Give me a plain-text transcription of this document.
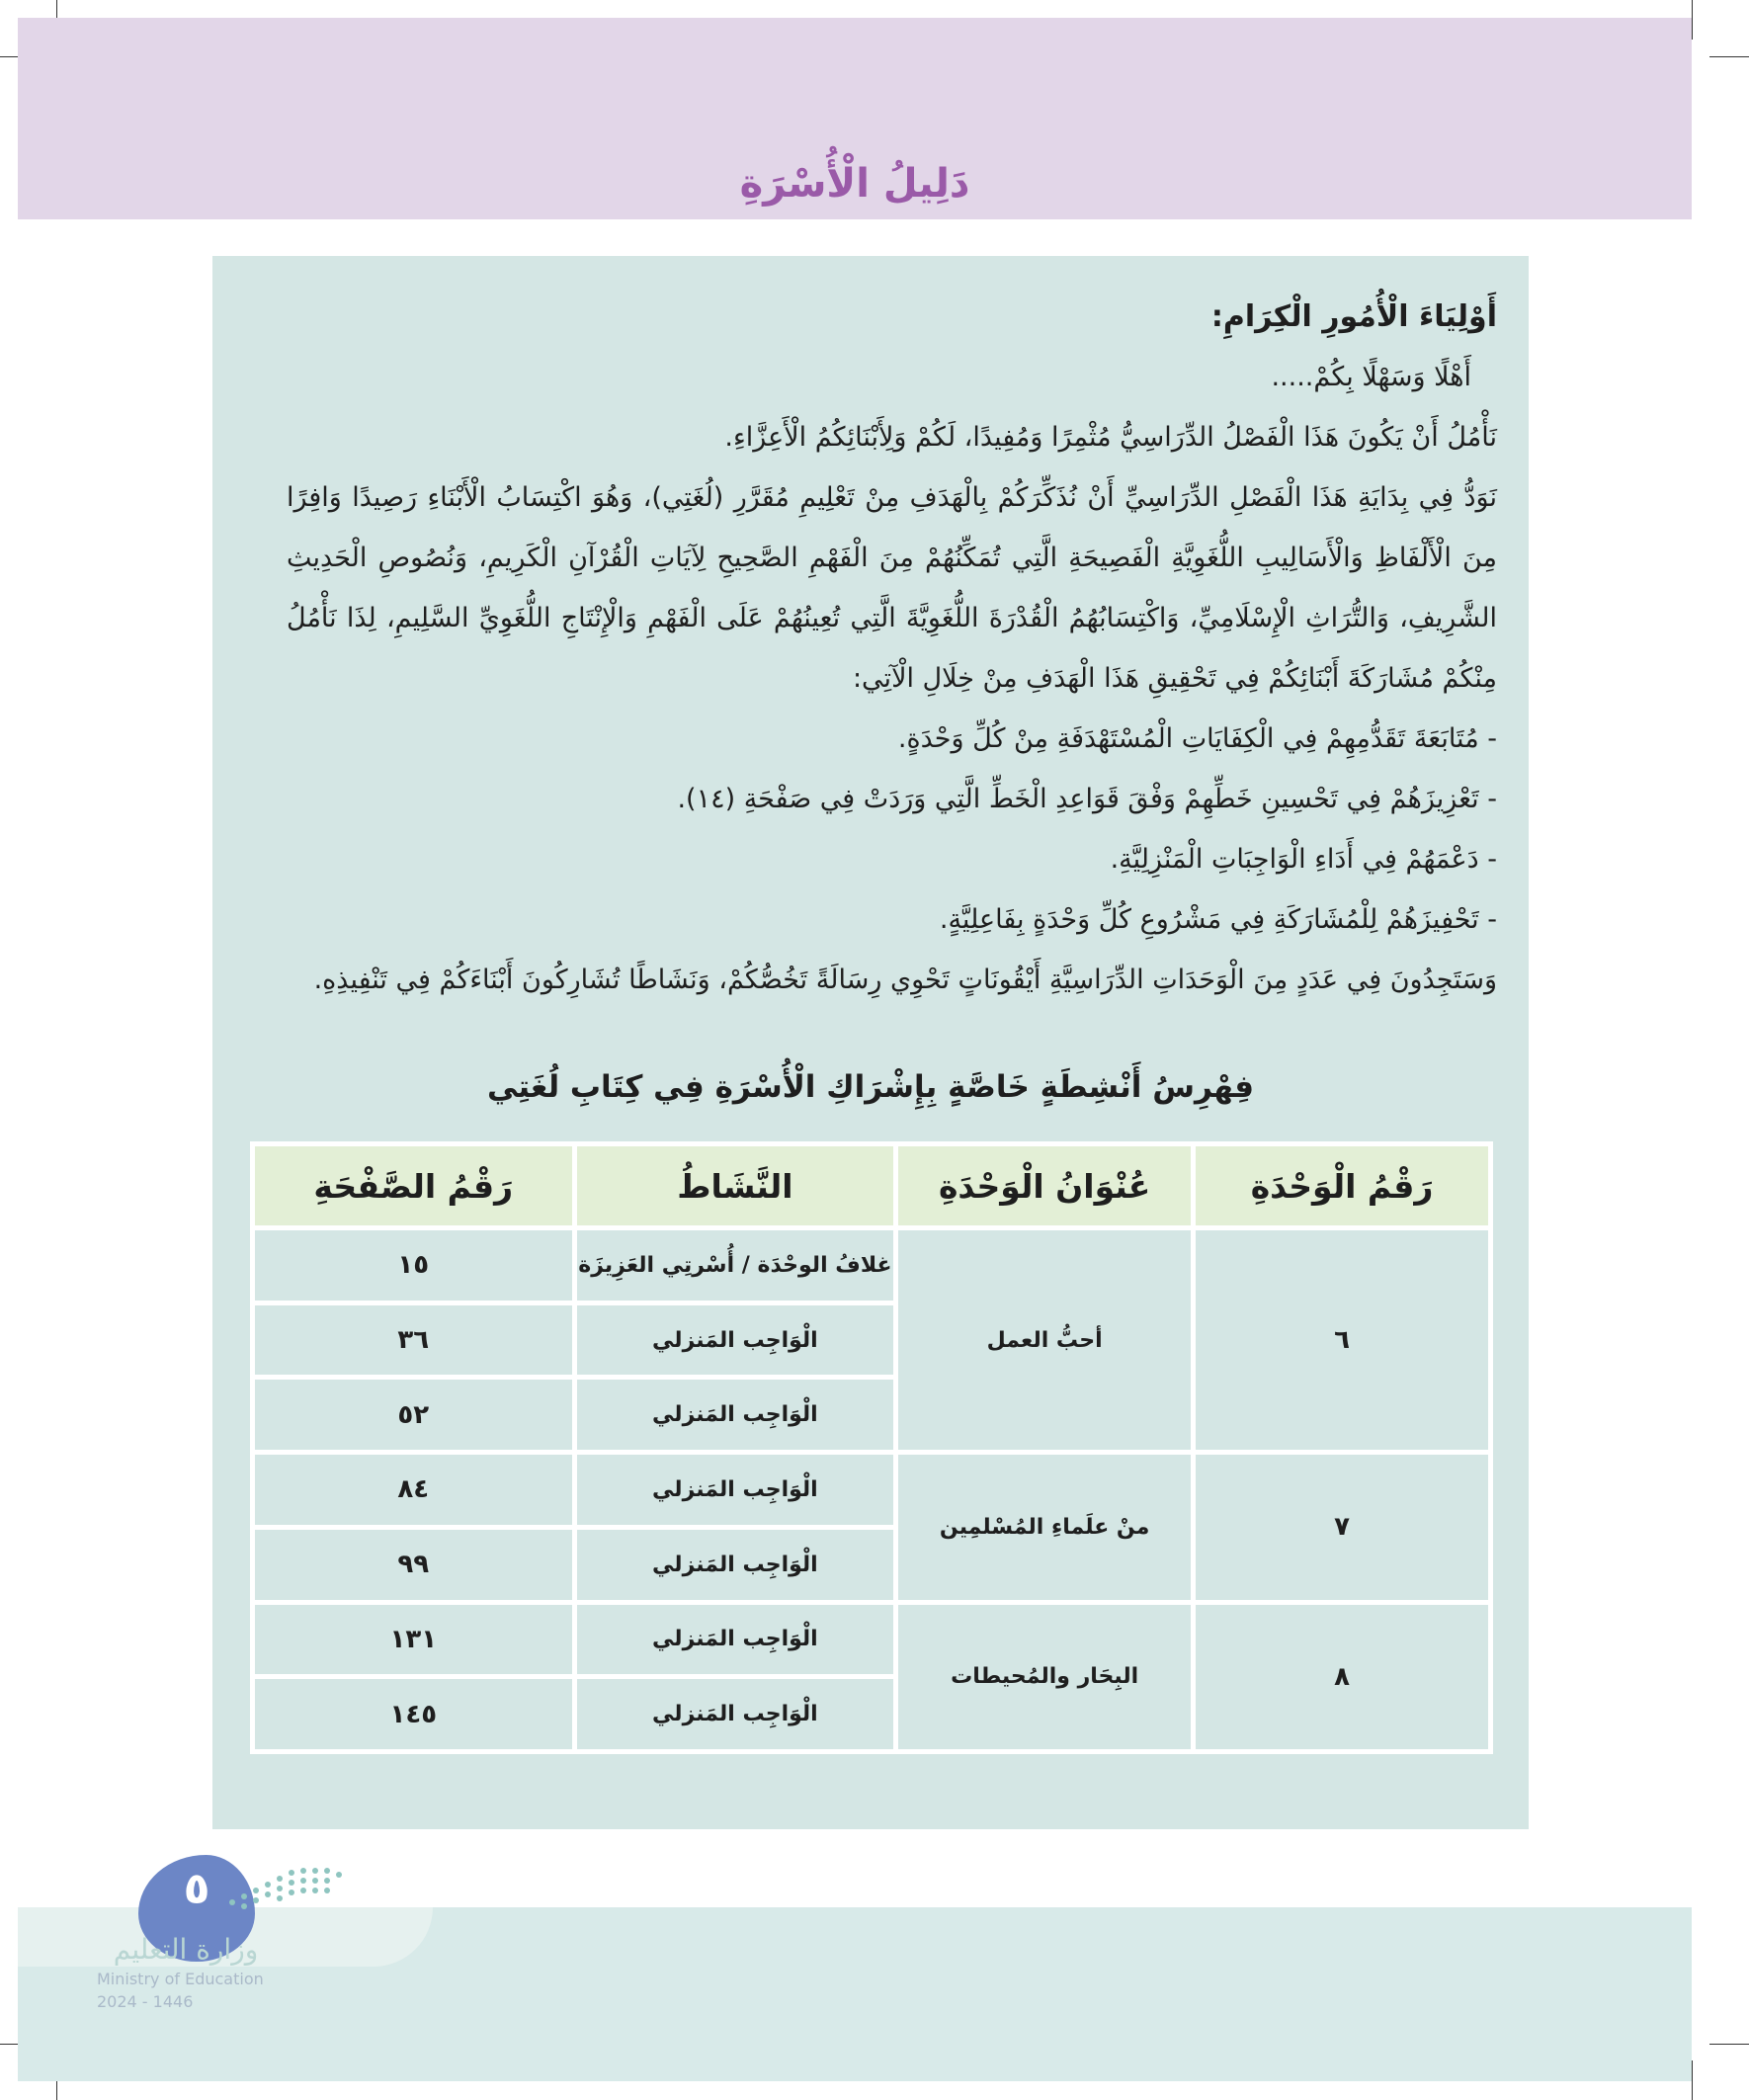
دَلِيلُ الْأُسْرَةِ

أَوْلِيَاءَ الْأُمُورِ الْكِرَامِ:

أَهْلًا وَسَهْلًا بِكُمْ.....

نَأْمُلُ أَنْ يَكُونَ هَذَا الْفَصْلُ الدِّرَاسِيُّ مُثْمِرًا وَمُفِيدًا، لَكُمْ وَلِأَبْنَائِكُمُ الْأَعِزَّاءِ.

نَوَدُّ فِي بِدَايَةِ هَذَا الْفَصْلِ الدِّرَاسِيِّ أَنْ نُذَكِّرَكُمْ بِالْهَدَفِ مِنْ تَعْلِيمِ مُقَرَّرِ (لُغَتِي)، وَهُوَ اكْتِسَابُ الْأَبْنَاءِ رَصِيدًا وَافِرًا مِنَ الْأَلْفَاظِ وَالْأَسَالِيبِ اللُّغَوِيَّةِ الْفَصِيحَةِ الَّتِي تُمَكِّنُهُمْ مِنَ الْفَهْمِ الصَّحِيحِ لِآيَاتِ الْقُرْآنِ الْكَرِيمِ، وَنُصُوصِ الْحَدِيثِ الشَّرِيفِ، وَالتُّرَاثِ الْإِسْلَامِيِّ، وَاكْتِسَابُهُمُ الْقُدْرَةَ اللُّغَوِيَّةَ الَّتِي تُعِينُهُمْ عَلَى الْفَهْمِ وَالْإِنْتَاجِ اللُّغَوِيِّ السَّلِيمِ، لِذَا نَأْمُلُ مِنْكُمْ مُشَارَكَةَ أَبْنَائِكُمْ فِي تَحْقِيقِ هَذَا الْهَدَفِ مِنْ خِلَالِ الْآتِي:

- مُتَابَعَةَ تَقَدُّمِهِمْ فِي الْكِفَايَاتِ الْمُسْتَهْدَفَةِ مِنْ كُلِّ وَحْدَةٍ.

- تَعْزِيزَهُمْ فِي تَحْسِينِ خَطِّهِمْ وَفْقَ قَوَاعِدِ الْخَطِّ الَّتِي وَرَدَتْ فِي صَفْحَةِ (١٤).

- دَعْمَهُمْ فِي أَدَاءِ الْوَاجِبَاتِ الْمَنْزِلِيَّةِ.

- تَحْفِيزَهُمْ لِلْمُشَارَكَةِ فِي مَشْرُوعِ كُلِّ وَحْدَةٍ بِفَاعِلِيَّةٍ.

وَسَتَجِدُونَ فِي عَدَدٍ مِنَ الْوَحَدَاتِ الدِّرَاسِيَّةِ أَيْقُونَاتٍ تَحْوِي رِسَالَةً تَخُصُّكُمْ، وَنَشَاطًا تُشَارِكُونَ أَبْنَاءَكُمْ فِي تَنْفِيذِهِ.

فِهْرِسُ أَنْشِطَةٍ خَاصَّةٍ بِإِشْرَاكِ الْأُسْرَةِ فِي كِتَابِ لُغَتِي
رَقْمُ الْوَحْدَةِ	عُنْوَانُ الْوَحْدَةِ	النَّشَاطُ	رَقْمُ الصَّفْحَةِ
٦	أحبُّ العمل	غلافُ الوحْدَة / أُسْرتِي العَزِيزَة	١٥
		الْوَاجِب المَنزلي	٣٦
		الْوَاجِب المَنزلي	٥٢
٧	منْ علَماءِ المُسْلمِين	الْوَاجِب المَنزلي	٨٤
		الْوَاجِب المَنزلي	٩٩
٨	البِحَار والمُحيطات	الْوَاجِب المَنزلي	١٣١
		الْوَاجِب المَنزلي	١٤٥
٥
وزارة التعليم
Ministry of Education
2024 - 1446
